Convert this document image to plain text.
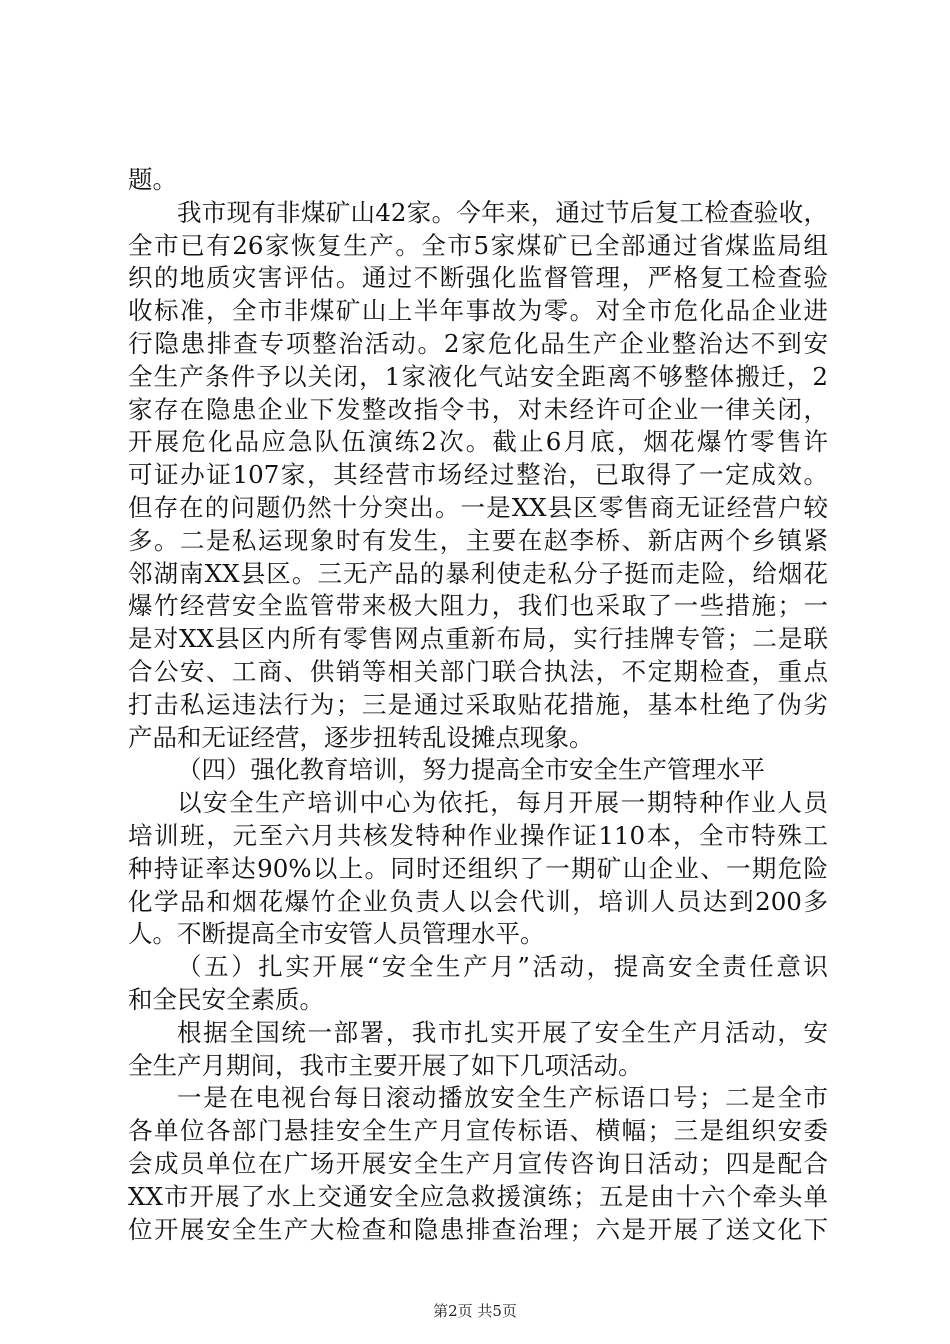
题。
我市现有非煤矿山42家。今年来，通过节后复工检查验收，
全市已有26家恢复生产。全市5家煤矿已全部通过省煤监局组
织的地质灾害评估。通过不断强化监督管理，严格复工检查验
收标准，全市非煤矿山上半年事故为零。对全市危化品企业进
行隐患排查专项整治活动。2家危化品生产企业整治达不到安
全生产条件予以关闭，1家液化气站安全距离不够整体搬迁，2
家存在隐患企业下发整改指令书，对未经许可企业一律关闭，
开展危化品应急队伍演练2次。截止6月底，烟花爆竹零售许
可证办证107家，其经营市场经过整治，已取得了一定成效。
但存在的问题仍然十分突出。一是XX县区零售商无证经营户较
多。二是私运现象时有发生，主要在赵李桥、新店两个乡镇紧
邻湖南XX县区。三无产品的暴利使走私分子挺而走险，给烟花
爆竹经营安全监管带来极大阻力，我们也采取了一些措施；一
是对XX县区内所有零售网点重新布局，实行挂牌专管；二是联
合公安、工商、供销等相关部门联合执法，不定期检查，重点
打击私运违法行为；三是通过采取贴花措施，基本杜绝了伪劣
产品和无证经营，逐步扭转乱设摊点现象。
（四）强化教育培训，努力提高全市安全生产管理水平
以安全生产培训中心为依托，每月开展一期特种作业人员
培训班，元至六月共核发特种作业操作证110本，全市特殊工
种持证率达90%以上。同时还组织了一期矿山企业、一期危险
化学品和烟花爆竹企业负责人以会代训，培训人员达到200多
人。不断提高全市安管人员管理水平。
（五）扎实开展“安全生产月”活动，提高安全责任意识
和全民安全素质。
根据全国统一部署，我市扎实开展了安全生产月活动，安
全生产月期间，我市主要开展了如下几项活动。
一是在电视台每日滚动播放安全生产标语口号；二是全市
各单位各部门悬挂安全生产月宣传标语、横幅；三是组织安委
会成员单位在广场开展安全生产月宣传咨询日活动；四是配合
XX市开展了水上交通安全应急救援演练；五是由十六个牵头单
位开展安全生产大检查和隐患排查治理；六是开展了送文化下
第2页 共5页
